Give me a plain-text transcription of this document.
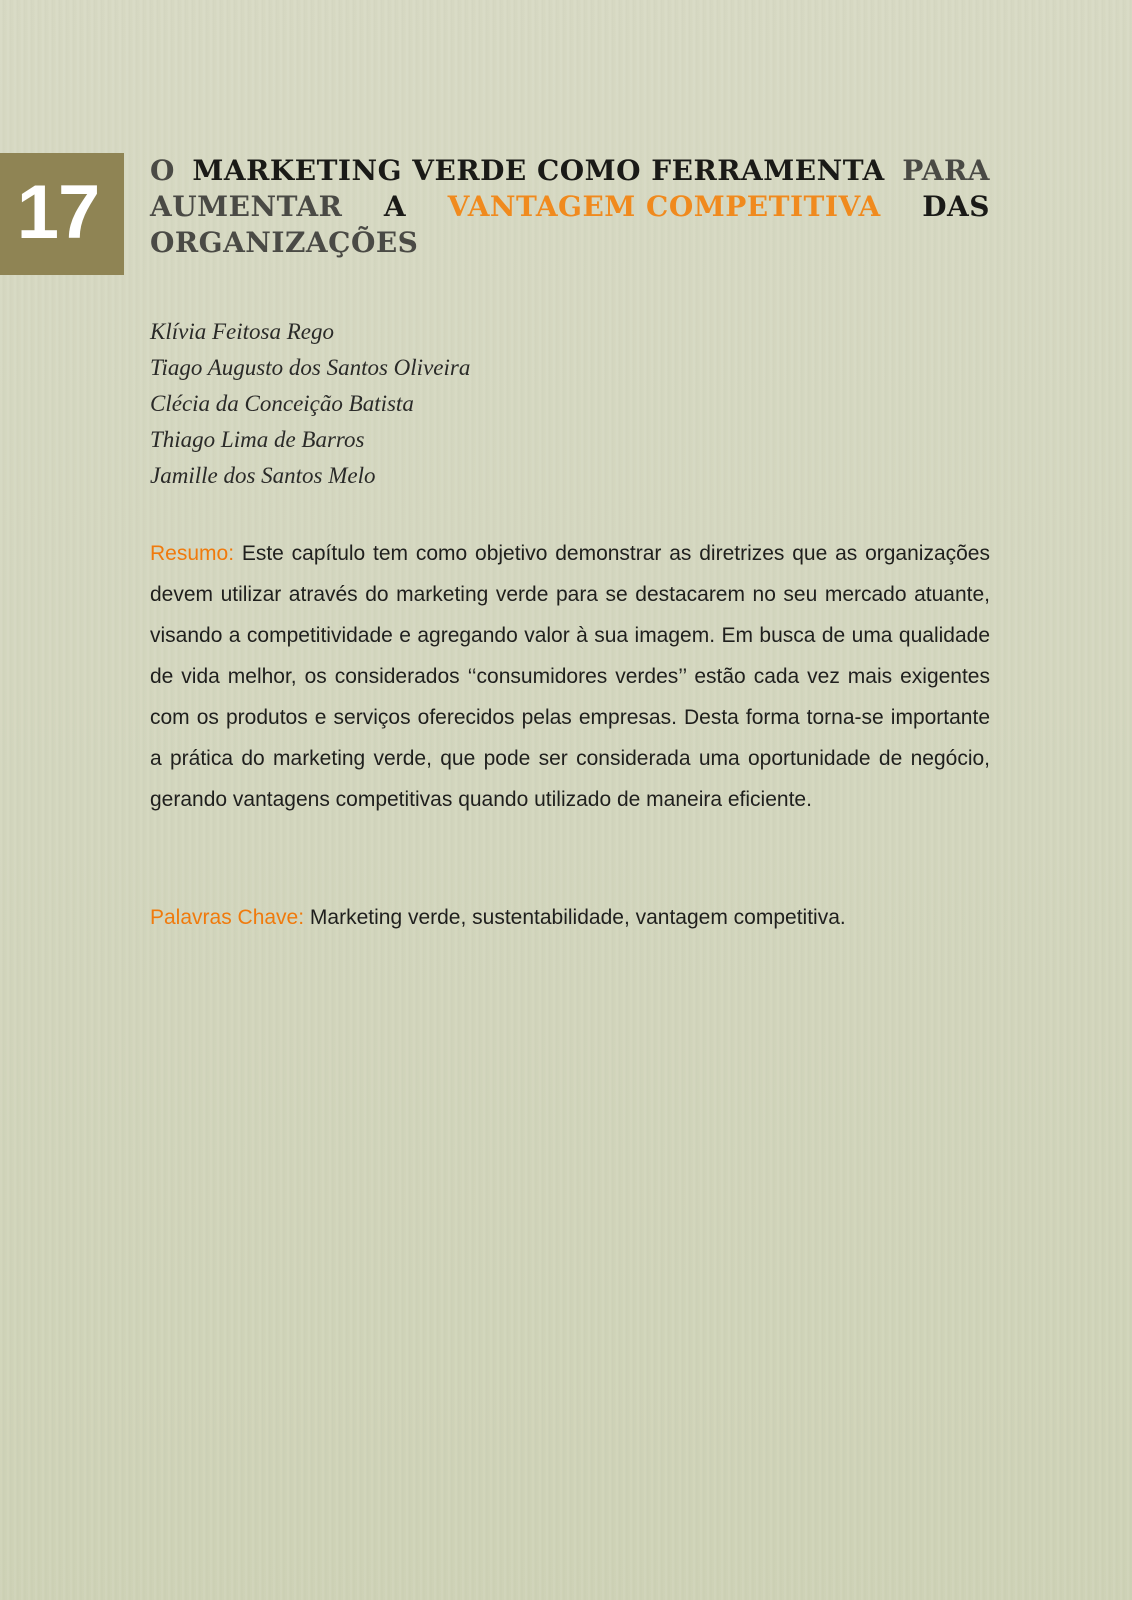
17 O MARKETING VERDE COMO FERRAMENTA PARA
AUMENTAR A VANTAGEM COMPETITIVA DAS
ORGANIZAÇÕES
Klívia Feitosa Rego
Tiago Augusto dos Santos Oliveira
Clécia da Conceição Batista
Thiago Lima de Barros
Jamille dos Santos Melo

Resumo: Este capítulo tem como objetivo demonstrar as diretrizes que as organizações devem utilizar através do marketing verde para se destacarem no seu mercado atuante, visando a competitividade e agregando valor à sua imagem. Em busca de uma qualidade de vida melhor, os considerados ‘‘consumidores verdes’’ estão cada vez mais exigentes com os produtos e serviços oferecidos pelas empresas. Desta forma torna-se importante a prática do marketing verde, que pode ser considerada uma oportunidade de negócio, gerando vantagens competitivas quando utilizado de maneira eficiente.

Palavras Chave: Marketing verde, sustentabilidade, vantagem competitiva.
